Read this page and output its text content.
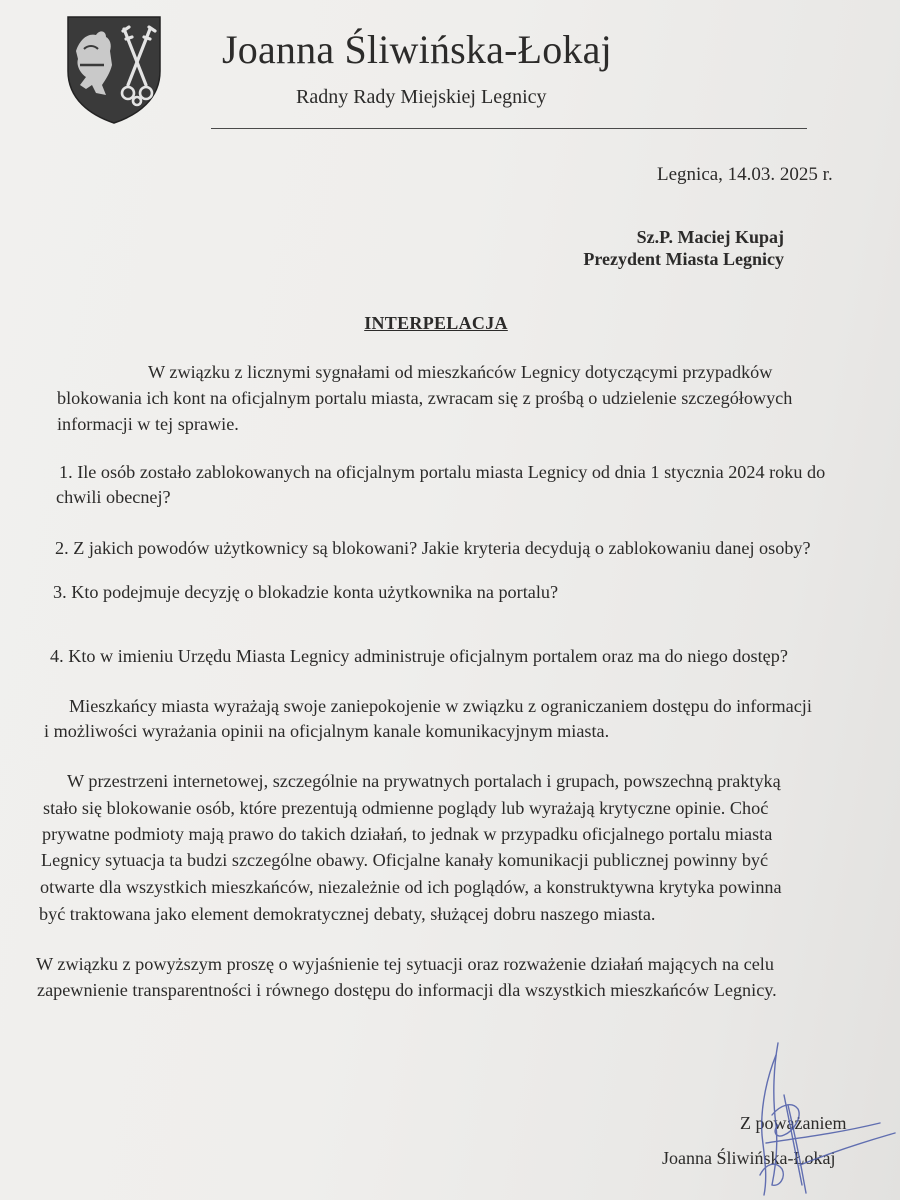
Joanna Śliwińska-Łokaj
Radny Rady Miejskiej Legnicy
Legnica, 14.03. 2025 r.
Sz.P. Maciej Kupaj
Prezydent Miasta Legnicy
INTERPELACJA
W związku z licznymi sygnałami od mieszkańców Legnicy dotyczącymi przypadków
blokowania ich kont na oficjalnym portalu miasta, zwracam się z prośbą o udzielenie szczegółowych
informacji w tej sprawie.
1. Ile osób zostało zablokowanych na oficjalnym portalu miasta Legnicy od dnia 1 stycznia 2024 roku do
chwili obecnej?
2. Z jakich powodów użytkownicy są blokowani? Jakie kryteria decydują o zablokowaniu danej osoby?
3. Kto podejmuje decyzję o blokadzie konta użytkownika na portalu?
4. Kto w imieniu Urzędu Miasta Legnicy administruje oficjalnym portalem oraz ma do niego dostęp?
Mieszkańcy miasta wyrażają swoje zaniepokojenie w związku z ograniczaniem dostępu do informacji
i możliwości wyrażania opinii na oficjalnym kanale komunikacyjnym miasta.
W przestrzeni internetowej, szczególnie na prywatnych portalach i grupach, powszechną praktyką
stało się blokowanie osób, które prezentują odmienne poglądy lub wyrażają krytyczne opinie. Choć
prywatne podmioty mają prawo do takich działań, to jednak w przypadku oficjalnego portalu miasta
Legnicy sytuacja ta budzi szczególne obawy. Oficjalne kanały komunikacji publicznej powinny być
otwarte dla wszystkich mieszkańców, niezależnie od ich poglądów, a konstruktywna krytyka powinna
być traktowana jako element demokratycznej debaty, służącej dobru naszego miasta.
W związku z powyższym proszę o wyjaśnienie tej sytuacji oraz rozważenie działań mających na celu
zapewnienie transparentności i równego dostępu do informacji dla wszystkich mieszkańców Legnicy.
Z poważaniem
Joanna Śliwińska-Łokaj
